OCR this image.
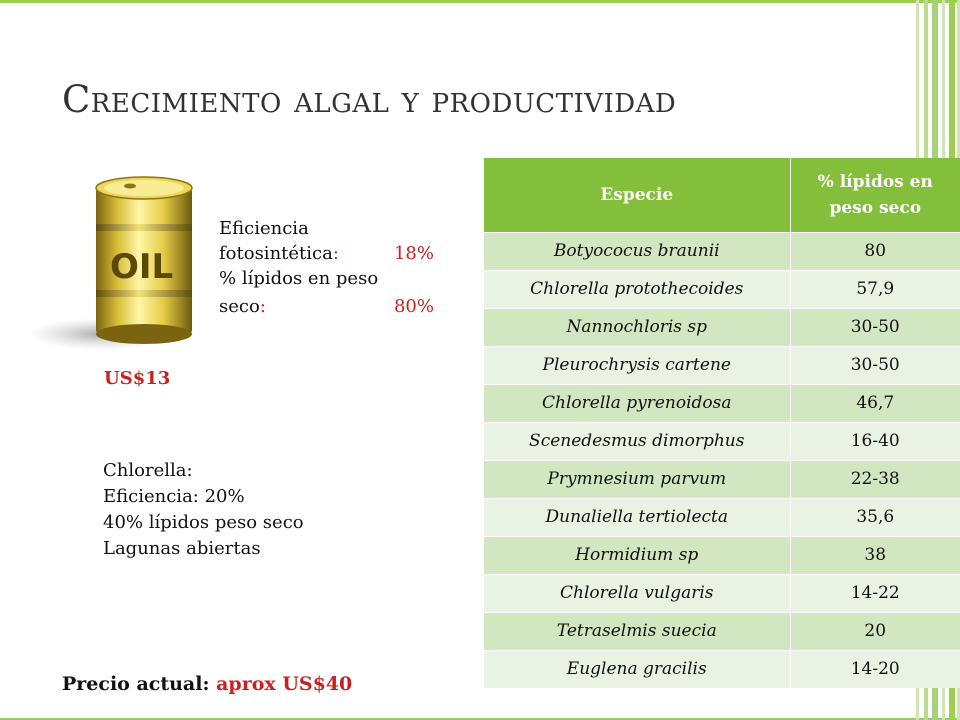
Crecimiento algal y productividad
OIL
Eficiencia
fotosintética:	18%
% lípidos en peso
seco:	80%
US$13
Chlorella:
Eficiencia: 20%
40% lípidos peso seco
Lagunas abiertas
Precio actual: aprox US$40
Especie	% lípidos en peso seco
Botyococus braunii	80
Chlorella protothecoides	57,9
Nannochloris sp	30-50
Pleurochrysis cartene	30-50
Chlorella pyrenoidosa	46,7
Scenedesmus dimorphus	16-40
Prymnesium parvum	22-38
Dunaliella tertiolecta	35,6
Hormidium sp	38
Chlorella vulgaris	14-22
Tetraselmis suecia	20
Euglena gracilis	14-20
